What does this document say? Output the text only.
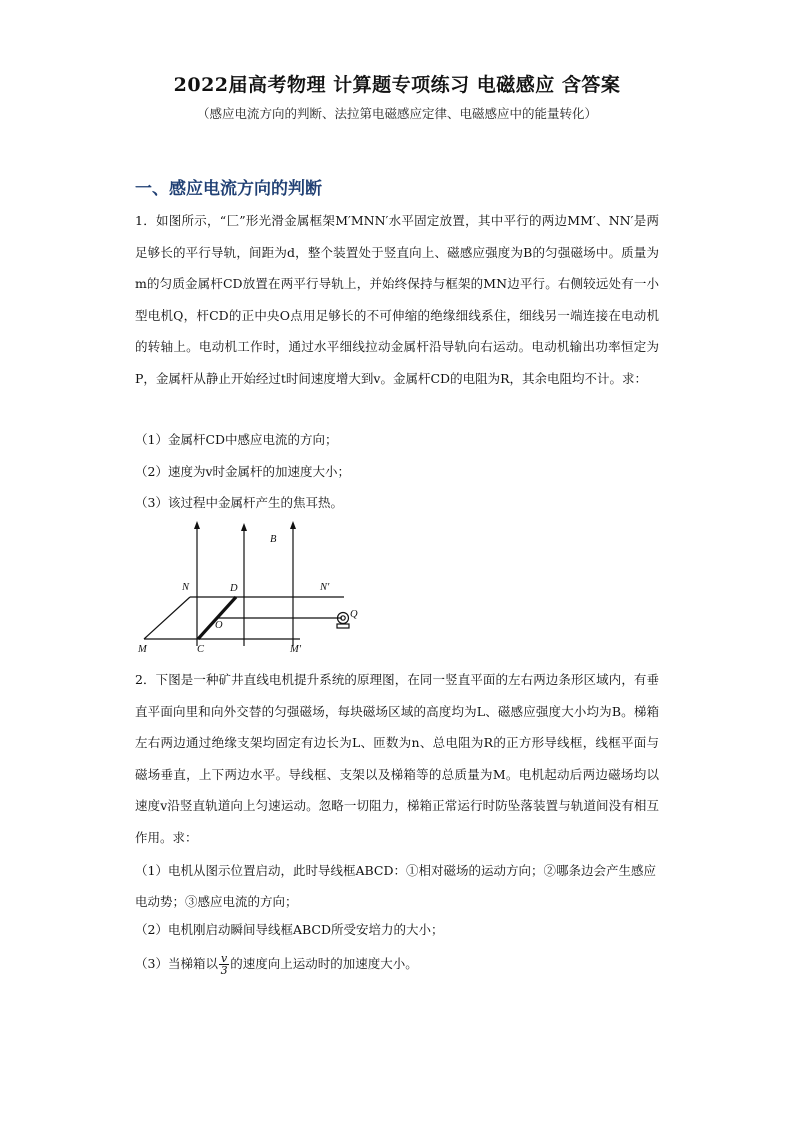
2022届高考物理 计算题专项练习 电磁感应 含答案
（感应电流方向的判断、法拉第电磁感应定律、电磁感应中的能量转化）
一、感应电流方向的判断
1．如图所示，“匚”形光滑金属框架M′MNN′水平固定放置，其中平行的两边MM′、NN′是两足够长的平行导轨，间距为d，整个装置处于竖直向上、磁感应强度为B的匀强磁场中。质量为m的匀质金属杆CD放置在两平行导轨上，并始终保持与框架的MN边平行。右侧较远处有一小型电机Q，杆CD的正中央O点用足够长的不可伸缩的绝缘细线系住，细线另一端连接在电动机的转轴上。电动机工作时，通过水平细线拉动金属杆沿导轨向右运动。电动机输出功率恒定为P，金属杆从静止开始经过t时间速度增大到v。金属杆CD的电阻为R，其余电阻均不计。求：
（1）金属杆CD中感应电流的方向；
（2）速度为v时金属杆的加速度大小；
（3）该过程中金属杆产生的焦耳热。
B
N	D	N′
O
Q
M	C	M′
2．下图是一种矿井直线电机提升系统的原理图，在同一竖直平面的左右两边条形区域内，有垂直平面向里和向外交替的匀强磁场，每块磁场区域的高度均为L、磁感应强度大小均为B。梯箱左右两边通过绝缘支架均固定有边长为L、匝数为n、总电阻为R的正方形导线框，线框平面与磁场垂直，上下两边水平。导线框、支架以及梯箱等的总质量为M。电机起动后两边磁场均以速度v沿竖直轨道向上匀速运动。忽略一切阻力，梯箱正常运行时防坠落装置与轨道间没有相互作用。求：
（1）电机从图示位置启动，此时导线框ABCD：①相对磁场的运动方向；②哪条边会产生感应电动势；③感应电流的方向；
（2）电机刚启动瞬间导线框ABCD所受安培力的大小；
（3）当梯箱以 $\frac{v}{3}$ 的速度向上运动时的加速度大小。
